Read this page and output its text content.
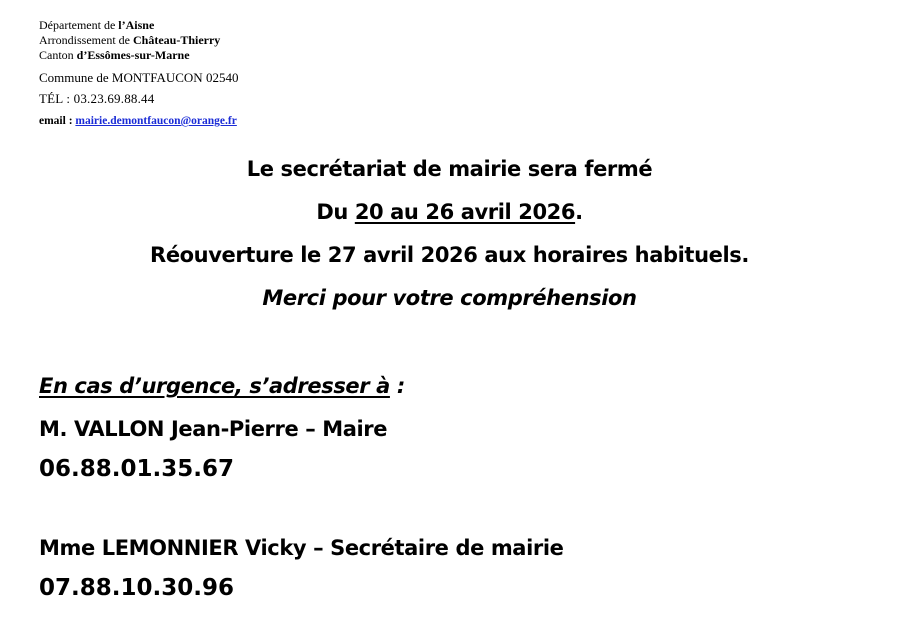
Département de l’Aisne
Arrondissement de Château-Thierry
Canton d’Essômes-sur-Marne
Commune de MONTFAUCON 02540
TÉL : 03.23.69.88.44
email : mairie.demontfaucon@orange.fr
Le secrétariat de mairie sera fermé
Du 20 au 26 avril 2026.
Réouverture le 27 avril 2026 aux horaires habituels.
Merci pour votre compréhension
En cas d’urgence, s’adresser à :
M. VALLON Jean-Pierre – Maire
06.88.01.35.67
Mme LEMONNIER Vicky – Secrétaire de mairie
07.88.10.30.96
